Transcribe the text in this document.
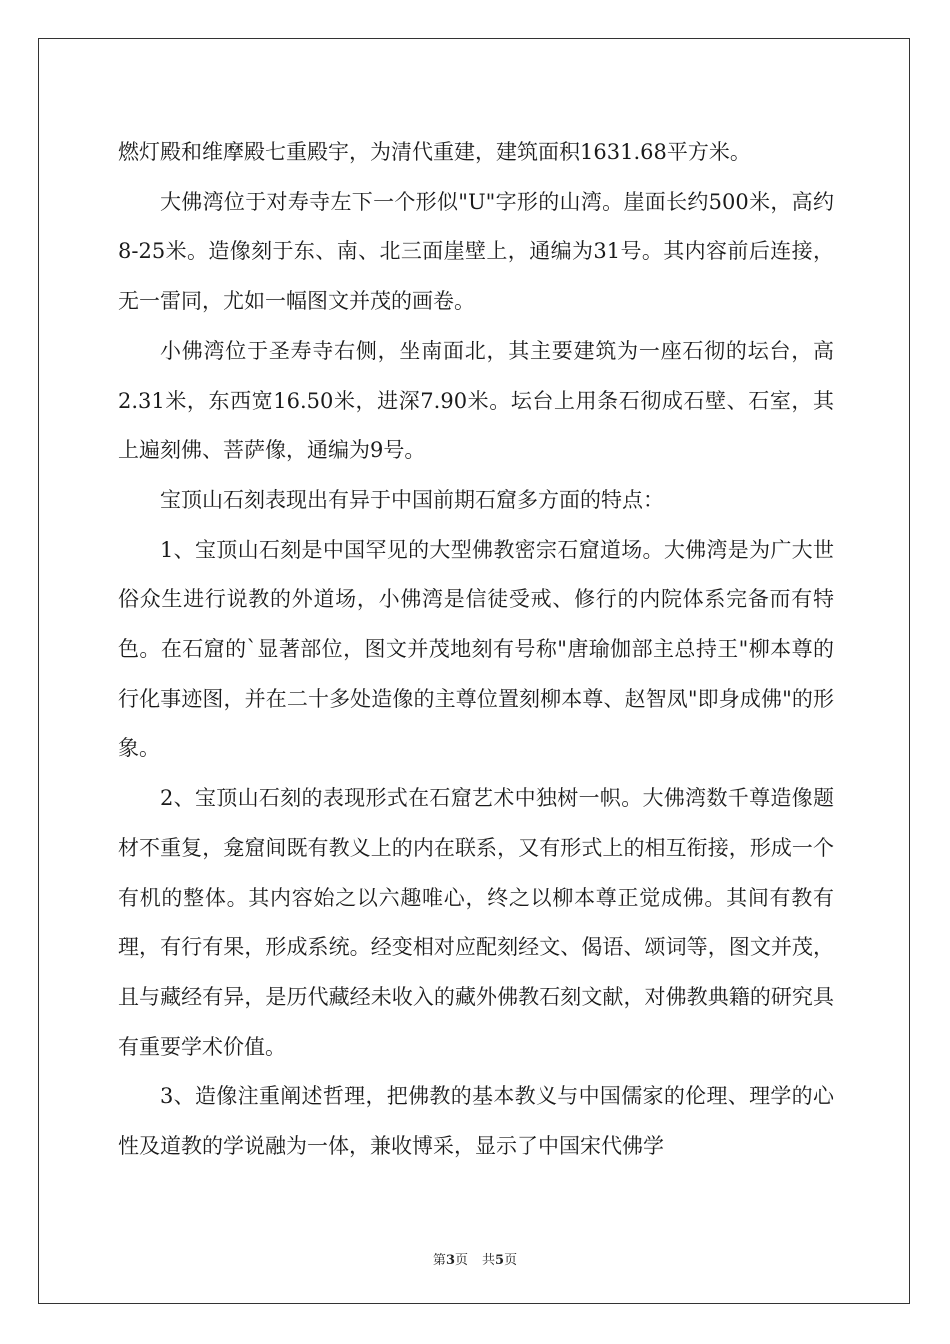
燃灯殿和维摩殿七重殿宇，为清代重建，建筑面积1631.68平方米。

大佛湾位于对寿寺左下一个形似"U"字形的山湾。崖面长约500米，高约8-25米。造像刻于东、南、北三面崖壁上，通编为31号。其内容前后连接，无一雷同，尤如一幅图文并茂的画卷。

小佛湾位于圣寿寺右侧，坐南面北，其主要建筑为一座石彻的坛台，高2.31米，东西宽16.50米，进深7.90米。坛台上用条石彻成石壁、石室，其上遍刻佛、菩萨像，通编为9号。

宝顶山石刻表现出有异于中国前期石窟多方面的特点：

1、宝顶山石刻是中国罕见的大型佛教密宗石窟道场。大佛湾是为广大世俗众生进行说教的外道场，小佛湾是信徒受戒、修行的内院体系完备而有特色。在石窟的`显著部位，图文并茂地刻有号称"唐瑜伽部主总持王"柳本尊的行化事迹图，并在二十多处造像的主尊位置刻柳本尊、赵智凤"即身成佛"的形象。

2、宝顶山石刻的表现形式在石窟艺术中独树一帜。大佛湾数千尊造像题材不重复，龛窟间既有教义上的内在联系，又有形式上的相互衔接，形成一个有机的整体。其内容始之以六趣唯心，终之以柳本尊正觉成佛。其间有教有理，有行有果，形成系统。经变相对应配刻经文、偈语、颂词等，图文并茂，且与藏经有异，是历代藏经未收入的藏外佛教石刻文献，对佛教典籍的研究具有重要学术价值。

3、造像注重阐述哲理，把佛教的基本教义与中国儒家的伦理、理学的心性及道教的学说融为一体，兼收博采，显示了中国宋代佛学

第3页 共5页
